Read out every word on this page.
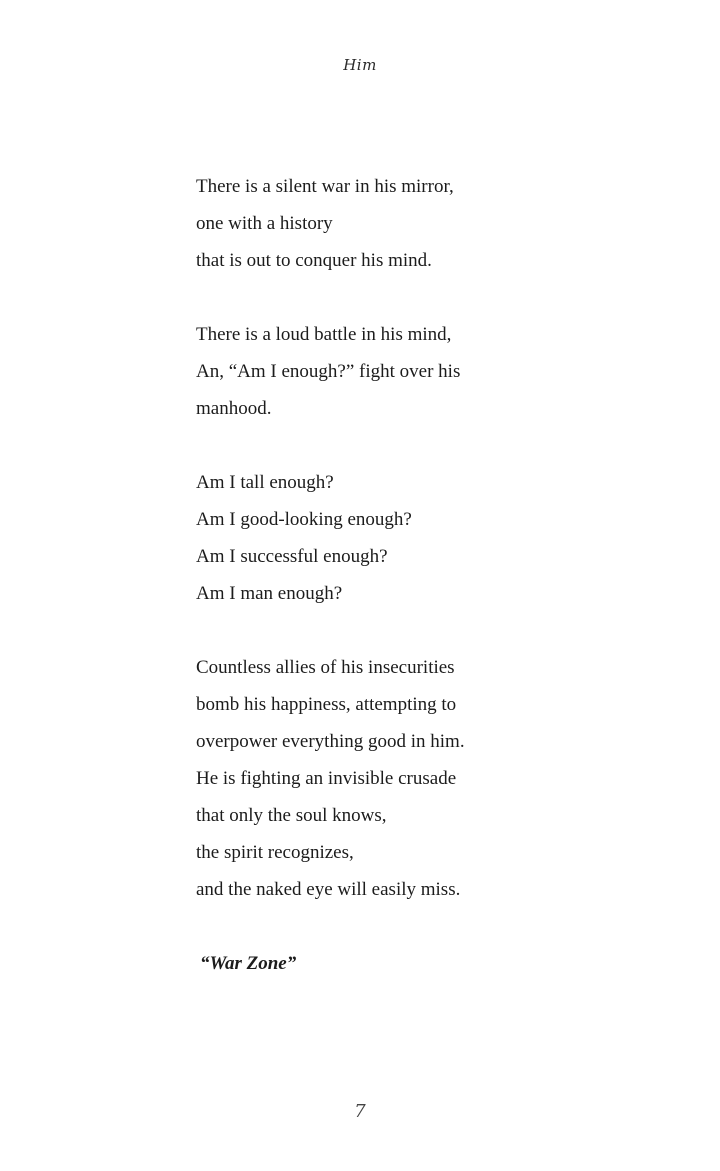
Him
There is a silent war in his mirror,
one with a history
that is out to conquer his mind.
There is a loud battle in his mind,
An, “Am I enough?” fight over his
manhood.
Am I tall enough?
Am I good-looking enough?
Am I successful enough?
Am I man enough?
Countless allies of his insecurities
bomb his happiness, attempting to
overpower everything good in him.
He is fighting an invisible crusade
that only the soul knows,
the spirit recognizes,
and the naked eye will easily miss.
“War Zone”
7
